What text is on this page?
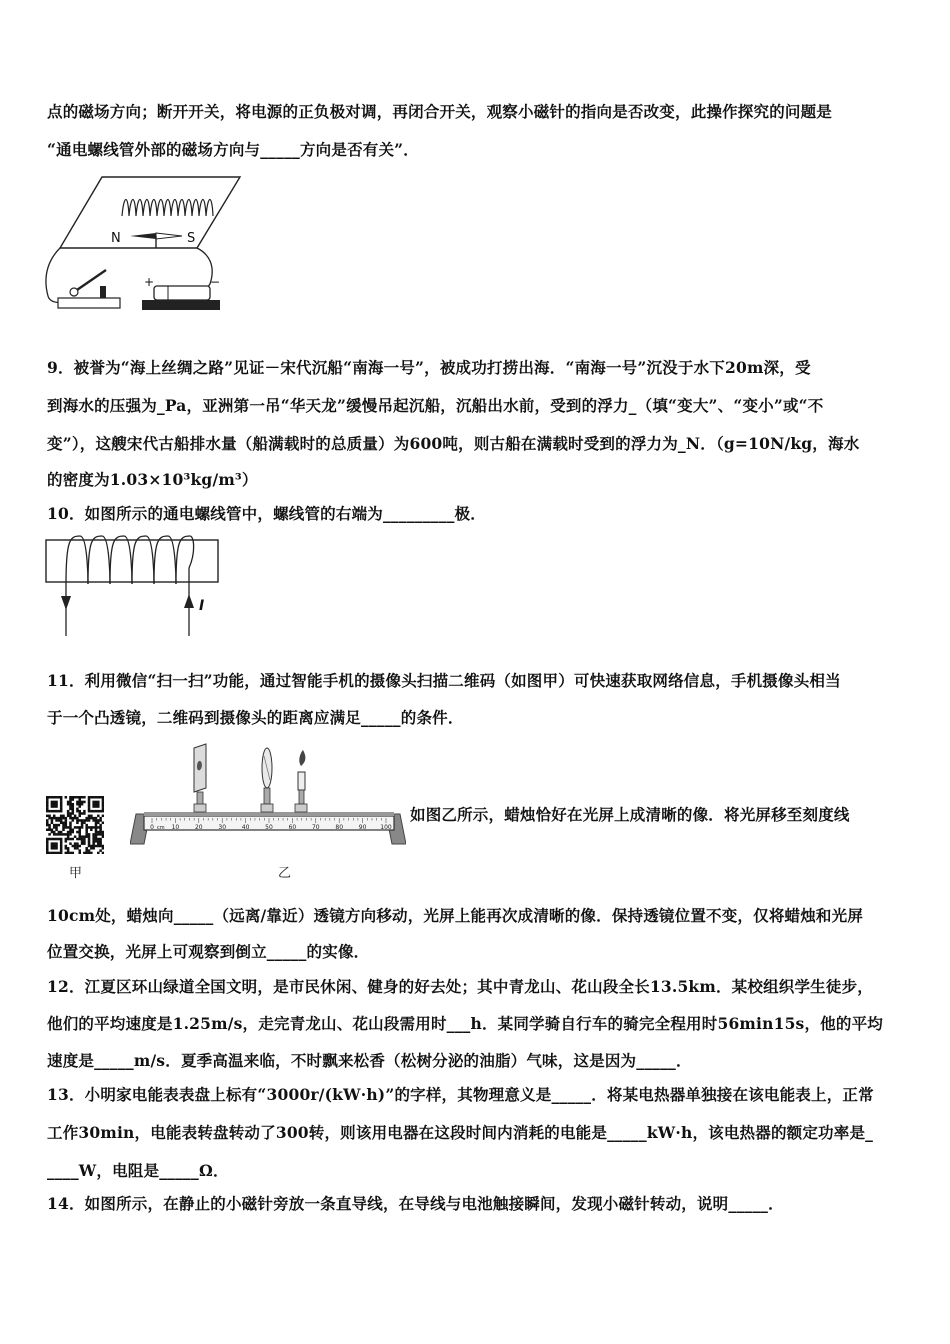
点的磁场方向；断开开关，将电源的正负极对调，再闭合开关，观察小磁针的指向是否改变，此操作探究的问题是
“通电螺线管外部的磁场方向与_____方向是否有关”．
N	S
+	−
9．被誉为“海上丝绸之路”见证－宋代沉船“南海一号”，被成功打捞出海．“南海一号”沉没于水下20m深，受
到海水的压强为_Pa，亚洲第一吊“华天龙”缓慢吊起沉船，沉船出水前，受到的浮力_（填“变大”、“变小”或“不
变”），这艘宋代古船排水量（船满载时的总质量）为600吨，则古船在满载时受到的浮力为_N．（g=10N/kg，海水
的密度为1.03×10³kg/m³）
10．如图所示的通电螺线管中，螺线管的右端为_________极．
I
11．利用微信“扫一扫”功能，通过智能手机的摄像头扫描二维码（如图甲）可快速获取网络信息，手机摄像头相当
于一个凸透镜，二维码到摄像头的距离应满足_____的条件．
甲
0	10	20	30	40	50	60	70	80	90 100
cm
乙
如图乙所示，蜡烛恰好在光屏上成清晰的像．将光屏移至刻度线
10cm处，蜡烛向_____（远离/靠近）透镜方向移动，光屏上能再次成清晰的像．保持透镜位置不变，仅将蜡烛和光屏
位置交换，光屏上可观察到倒立_____的实像．
12．江夏区环山绿道全国文明，是市民休闲、健身的好去处；其中青龙山、花山段全长13.5km．某校组织学生徒步，
他们的平均速度是1.25m/s，走完青龙山、花山段需用时___h．某同学骑自行车的骑完全程用时56min15s，他的平均
速度是_____m/s．夏季高温来临，不时飘来松香（松树分泌的油脂）气味，这是因为_____．
13．小明家电能表表盘上标有“3000r/(kW·h)”的字样，其物理意义是_____．将某电热器单独接在该电能表上，正常
工作30min，电能表转盘转动了300转，则该用电器在这段时间内消耗的电能是_____kW·h，该电热器的额定功率是_
____W，电阻是_____Ω．
14．如图所示，在静止的小磁针旁放一条直导线，在导线与电池触接瞬间，发现小磁针转动，说明_____．
